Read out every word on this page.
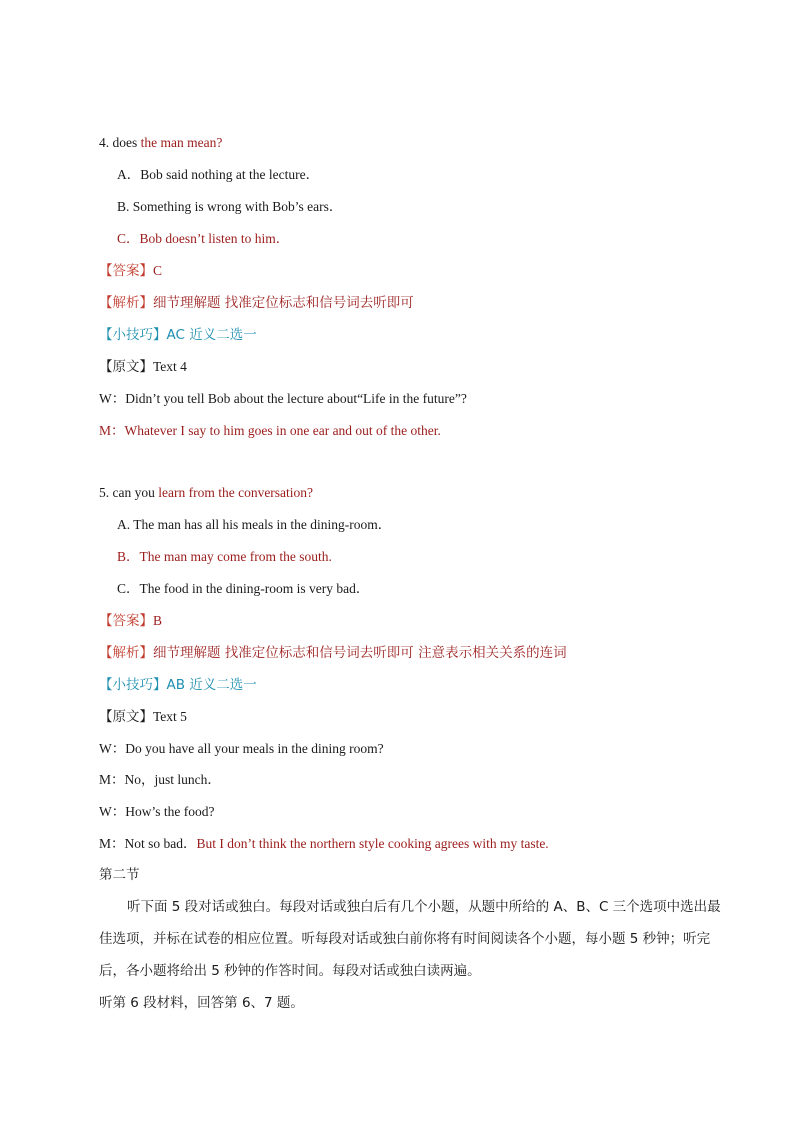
4. does the man mean?
A．Bob said nothing at the lecture．
B. Something is wrong with Bob’s ears．
C．Bob doesn’t listen to him．
【答案】C
【解析】细节理解题 找准定位标志和信号词去听即可
【小技巧】AC 近义二选一
【原文】Text 4
W：Didn’t you tell Bob about the lecture about“Life in the future”?
M：Whatever I say to him goes in one ear and out of the other.
5. can you learn from the conversation?
A. The man has all his meals in the dining-room．
B．The man may come from the south.
C．The food in the dining-room is very bad．
【答案】B
【解析】细节理解题 找准定位标志和信号词去听即可 注意表示相关关系的连词
【小技巧】AB 近义二选一
【原文】Text 5
W：Do you have all your meals in the dining room?
M：No，just lunch．
W：How’s the food?
M：Not so bad．But I don’t think the northern style cooking agrees with my taste.
第二节
听下面 5 段对话或独白。每段对话或独白后有几个小题，从题中所给的 A、B、C 三个选项中选出最佳选项，并标在试卷的相应位置。听每段对话或独白前你将有时间阅读各个小题，每小题 5 秒钟；听完后，各小题将给出 5 秒钟的作答时间。每段对话或独白读两遍。
听第 6 段材料，回答第 6、7 题。
